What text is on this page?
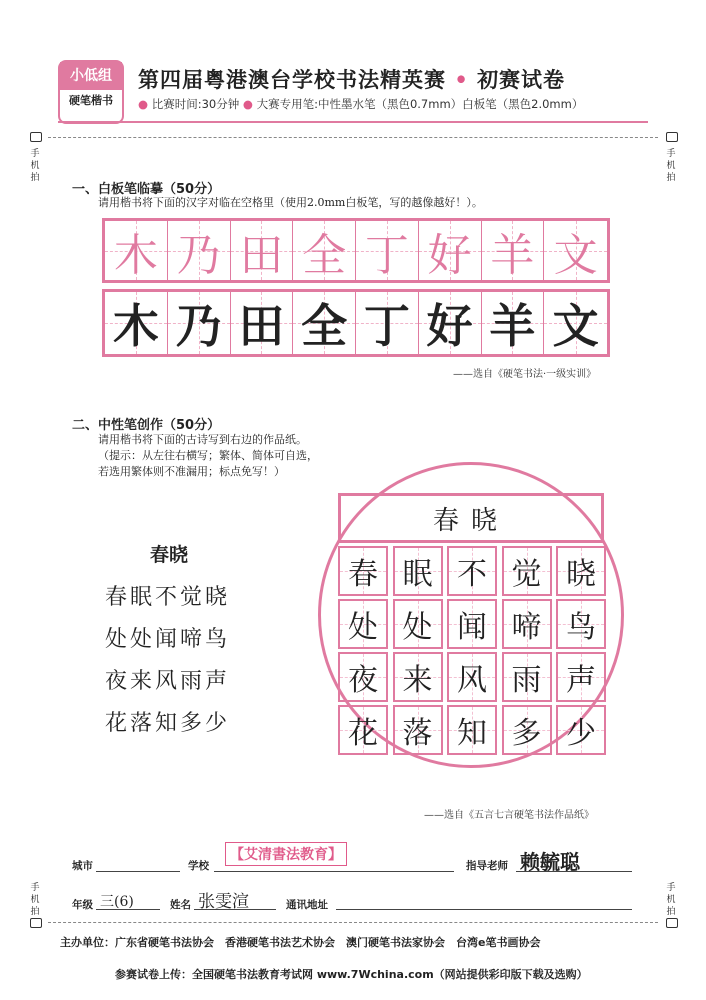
小低组
硬笔楷书
第四届粤港澳台学校书法精英赛 • 初赛试卷
● 比赛时间:30分钟 ● 大赛专用笔:中性墨水笔（黑色0.7mm）白板笔（黑色2.0mm）
手机拍
手机拍
手机拍
手机拍
一、白板笔临摹（50分）
请用楷书将下面的汉字对临在空格里（使用2.0mm白板笔，写的越像越好！）。
木 乃 田 全 丁 好 羊 文
木 乃 田 全 丁 好 羊 文
——选自《硬笔书法·一级实训》
二、中性笔创作（50分）
请用楷书将下面的古诗写到右边的作品纸。
（提示：从左往右横写；繁体、简体可自选，
若选用繁体则不准漏用；标点免写！）
春晓
春眠不觉晓
处处闻啼鸟
夜来风雨声
花落知多少
春晓
春 眠 不 觉 晓
处 处 闻 啼 鸟
夜 来 风 雨 声
花 落 知 多 少
——选自《五言七言硬笔书法作品纸》
城市	学校
【艾清書法教育】
指导老师 赖毓聪
年级 三(6)	姓名 张雯渲	通讯地址
主办单位：广东省硬笔书法协会　香港硬笔书法艺术协会　澳门硬笔书法家协会　台湾e笔书画协会
参赛试卷上传：全国硬笔书法教育考试网 www.7Wchina.com（网站提供彩印版下载及选购）
